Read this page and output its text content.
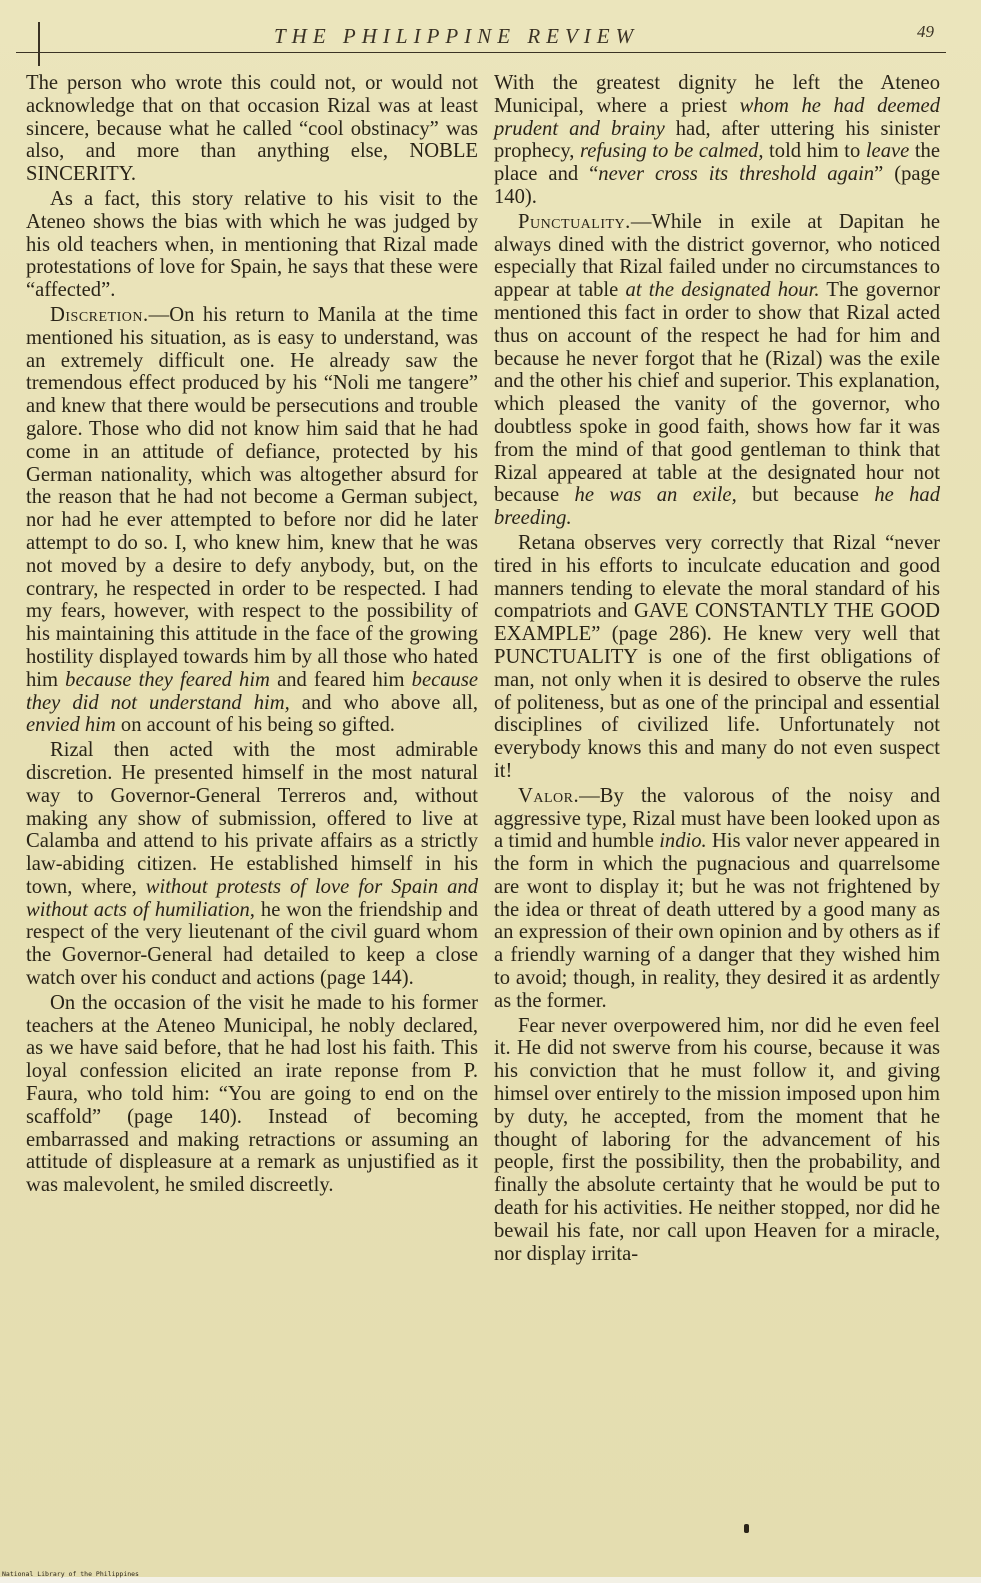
THE PHILIPPINE REVIEW	49

The person who wrote this could not, or would not acknowledge that on that occasion Rizal was at least sincere, because what he called “cool obstinacy” was also, and more than anything else, NOBLE SINCERITY.

As a fact, this story relative to his visit to the Ateneo shows the bias with which he was judged by his old teachers when, in mentioning that Rizal made protestations of love for Spain, he says that these were “affected”.

Discretion.—On his return to Manila at the time mentioned his situation, as is easy to understand, was an extremely difficult one. He already saw the tremendous effect produced by his “Noli me tangere” and knew that there would be persecutions and trouble galore. Those who did not know him said that he had come in an attitude of defiance, protected by his German nationality, which was altogether absurd for the reason that he had not become a German subject, nor had he ever attempted to before nor did he later attempt to do so. I, who knew him, knew that he was not moved by a desire to defy anybody, but, on the contrary, he respected in order to be respected. I had my fears, however, with respect to the possibility of his maintaining this attitude in the face of the growing hostility displayed towards him by all those who hated him because they feared him and feared him because they did not understand him, and who above all, envied him on account of his being so gifted.

Rizal then acted with the most admirable discretion. He presented himself in the most natural way to Governor-General Terreros and, without making any show of submission, offered to live at Calamba and attend to his private affairs as a strictly law-abiding citizen. He established himself in his town, where, without protests of love for Spain and without acts of humiliation, he won the friendship and respect of the very lieutenant of the civil guard whom the Governor-General had detailed to keep a close watch over his conduct and actions (page 144).

On the occasion of the visit he made to his former teachers at the Ateneo Municipal, he nobly declared, as we have said before, that he had lost his faith. This loyal confession elicited an irate reponse from P. Faura, who told him: “You are going to end on the scaffold” (page 140). Instead of becoming embarrassed and making retractions or assuming an attitude of displeasure at a remark as unjustified as it was malevolent, he smiled discreetly.

With the greatest dignity he left the Ateneo Municipal, where a priest whom he had deemed prudent and brainy had, after uttering his sinister prophecy, refusing to be calmed, told him to leave the place and “never cross its threshold again” (page 140).

Punctuality.—While in exile at Dapitan he always dined with the district governor, who noticed especially that Rizal failed under no circumstances to appear at table at the designated hour. The governor mentioned this fact in order to show that Rizal acted thus on account of the respect he had for him and because he never forgot that he (Rizal) was the exile and the other his chief and superior. This explanation, which pleased the vanity of the governor, who doubtless spoke in good faith, shows how far it was from the mind of that good gentleman to think that Rizal appeared at table at the designated hour not because he was an exile, but because he had breeding.

Retana observes very correctly that Rizal “never tired in his efforts to inculcate education and good manners tending to elevate the moral standard of his compatriots and GAVE CONSTANTLY THE GOOD EXAMPLE” (page 286). He knew very well that PUNCTUALITY is one of the first obligations of man, not only when it is desired to observe the rules of politeness, but as one of the principal and essential disciplines of civilized life. Unfortunately not everybody knows this and many do not even suspect it!

Valor.—By the valorous of the noisy and aggressive type, Rizal must have been looked upon as a timid and humble indio. His valor never appeared in the form in which the pugnacious and quarrelsome are wont to display it; but he was not frightened by the idea or threat of death uttered by a good many as an expression of their own opinion and by others as if a friendly warning of a danger that they wished him to avoid; though, in reality, they desired it as ardently as the former.

Fear never overpowered him, nor did he even feel it. He did not swerve from his course, because it was his conviction that he must follow it, and giving himsel over entirely to the mission imposed upon him by duty, he accepted, from the moment that he thought of laboring for the advancement of his people, first the possibility, then the probability, and finally the absolute certainty that he would be put to death for his activities. He neither stopped, nor did he bewail his fate, nor call upon Heaven for a miracle, nor display irrita-

National Library of the Philippines
